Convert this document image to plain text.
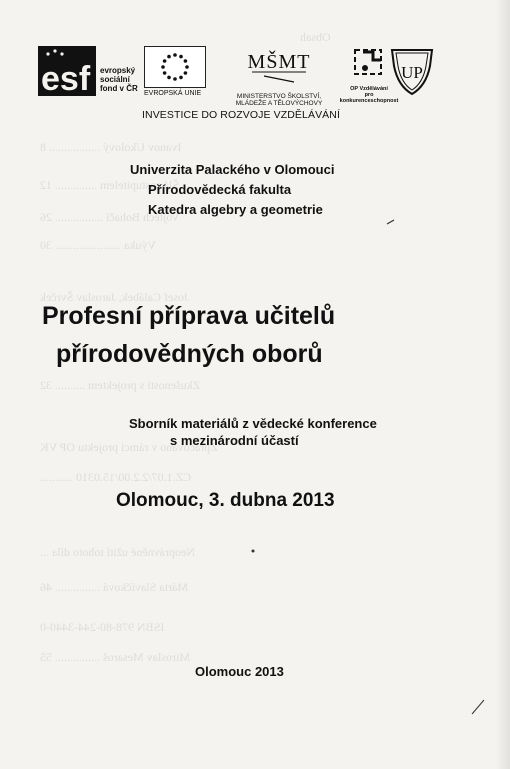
Obsah
Ivanov Ukolový ................. 8
Šlá zastupitelem .............. 12
Vojtěch Bohačí ................ 26
Výuka ...................... 30
Josef Calábek, Jaroslav Švrček
Zkušenosti s projektem .......... 32
Zpracováno v rámci projektu OP VK
CZ.1.07/2.2.00/15.0310 ...........
Neoprávněné užití tohoto díla ...
Mária Slavíčková ............... 46
ISBN 978-80-244-3440-0
Miroslav Mesaroš ............... 55
esf evropský
sociální
fond v ČR
EVROPSKÁ UNIE
MŠMT
MINISTERSTVO ŠKOLSTVÍ,
MLÁDEŽE A TĚLOVÝCHOVY
OP Vzdělávání
pro konkurenceschopnost
UP
INVESTICE DO ROZVOJE VZDĚLÁVÁNÍ
Univerzita Palackého v Olomouci
Přírodovědecká fakulta
Katedra algebry a geometrie
Profesní příprava učitelů
přírodovědných oborů
Sborník materiálů z vědecké konference
s mezinárodní účastí
Olomouc, 3. dubna 2013
Olomouc 2013
